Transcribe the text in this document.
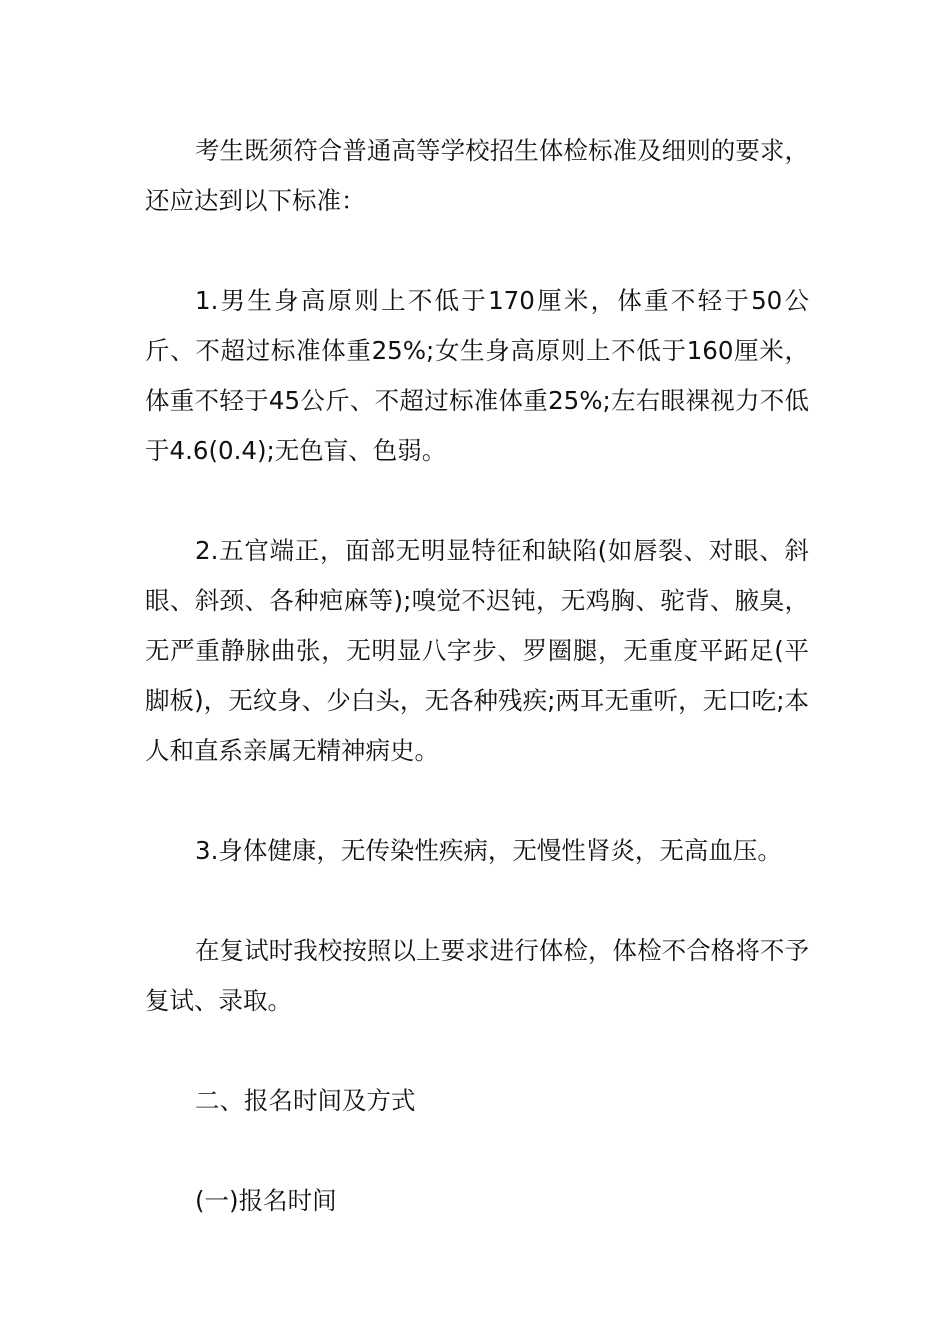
考生既须符合普通高等学校招生体检标准及细则的要求，还应达到以下标准：

1.男生身高原则上不低于170厘米，体重不轻于50公斤、不超过标准体重25%;女生身高原则上不低于160厘米，体重不轻于45公斤、不超过标准体重25%;左右眼裸视力不低于4.6(0.4);无色盲、色弱。

2.五官端正，面部无明显特征和缺陷(如唇裂、对眼、斜眼、斜颈、各种疤麻等);嗅觉不迟钝，无鸡胸、驼背、腋臭，无严重静脉曲张，无明显八字步、罗圈腿，无重度平跖足(平脚板)，无纹身、少白头，无各种残疾;两耳无重听，无口吃;本人和直系亲属无精神病史。

3.身体健康，无传染性疾病，无慢性肾炎，无高血压。

在复试时我校按照以上要求进行体检，体检不合格将不予复试、录取。

二、报名时间及方式

(一)报名时间
